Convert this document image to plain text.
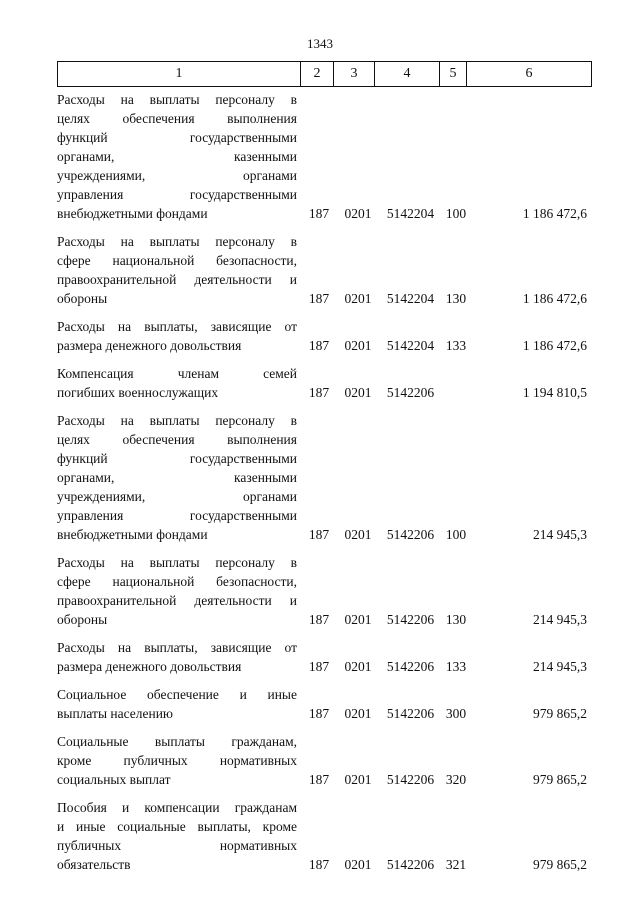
1343
1	2	3	4	5	6
Расходы на выплаты персоналу в
целях обеспечения выполнения
функций государственными
органами, казенными
учреждениями, органами
управления государственными
внебюджетными фондами	187 0201	5142204 100	1 186 472,6
Расходы на выплаты персоналу в
сфере национальной безопасности,
правоохранительной деятельности и
обороны	187 0201	5142204 130	1 186 472,6
Расходы на выплаты, зависящие от
размера денежного довольствия	187 0201	5142204 133	1 186 472,6
Компенсация членам семей
погибших военнослужащих	187 0201	5142206	1 194 810,5
Расходы на выплаты персоналу в
целях обеспечения выполнения
функций государственными
органами, казенными
учреждениями, органами
управления государственными
внебюджетными фондами	187 0201	5142206 100	214 945,3
Расходы на выплаты персоналу в
сфере национальной безопасности,
правоохранительной деятельности и
обороны	187 0201	5142206 130	214 945,3
Расходы на выплаты, зависящие от
размера денежного довольствия	187 0201	5142206 133	214 945,3
Социальное обеспечение и иные
выплаты населению	187 0201	5142206 300	979 865,2
Социальные выплаты гражданам,
кроме публичных нормативных
социальных выплат	187 0201	5142206 320	979 865,2
Пособия и компенсации гражданам
и иные социальные выплаты, кроме
публичных нормативных
обязательств	187 0201	5142206 321	979 865,2
